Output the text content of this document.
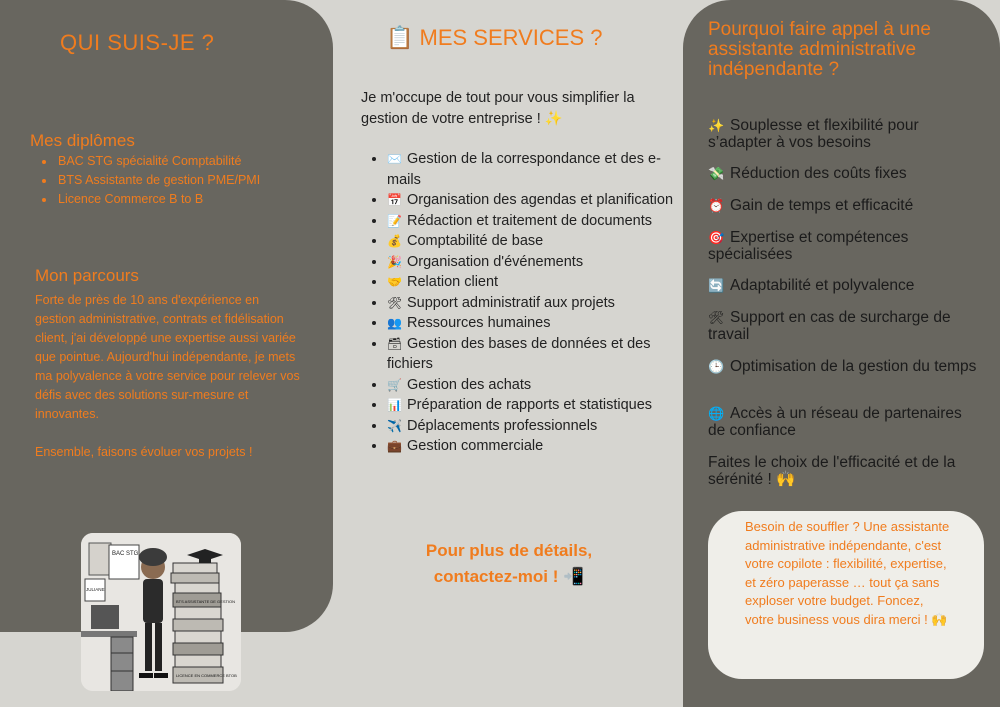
QUI SUIS-JE ?
Mes diplômes
• BAC STG spécialité Comptabilité
• BTS Assistante de gestion PME/PMI
• Licence Commerce B to B
Mon parcours

Forte de près de 10 ans d'expérience en gestion administrative, contrats et fidélisation client, j'ai développé une expertise aussi variée que pointue. Aujourd'hui indépendante, je mets ma polyvalence à votre service pour relever vos défis avec des solutions sur-mesure et innovantes.

Ensemble, faisons évoluer vos projets !

BAC STG
JULIANE
BTS ASSISTANTE DE GESTION
LICENCE EN COMMERCE BTOB
📋 MES SERVICES ?
Je m'occupe de tout pour vous simplifier la gestion de votre entreprise ! ✨
• ✉️ Gestion de la correspondance et des e-mails
• 📅 Organisation des agendas et planification
• 📝 Rédaction et traitement de documents
• 💰 Comptabilité de base
• 🎉 Organisation d'événements
• 🤝 Relation client
• 🛠 Support administratif aux projets
• 👥 Ressources humaines
• 🗃 Gestion des bases de données et des fichiers
• 🛒 Gestion des achats
• 📊 Préparation de rapports et statistiques
• ✈️ Déplacements professionnels
• 💼 Gestion commerciale
Pour plus de détails,
contactez-moi ! 📲
Pourquoi faire appel à une assistante administrative indépendante ?
✨ Souplesse et flexibilité pour s’adapter à vos besoins
💸 Réduction des coûts fixes
⏰ Gain de temps et efficacité
🎯 Expertise et compétences spécialisées
🔄 Adaptabilité et polyvalence
🛠 Support en cas de surcharge de travail
🕒 Optimisation de la gestion du temps
🌐 Accès à un réseau de partenaires de confiance
Faites le choix de l'efficacité et de la sérénité ! 🙌
Besoin de souffler ? Une assistante administrative indépendante, c'est votre copilote : flexibilité, expertise, et zéro paperasse … tout ça sans exploser votre budget. Foncez, votre business vous dira merci ! 🙌
